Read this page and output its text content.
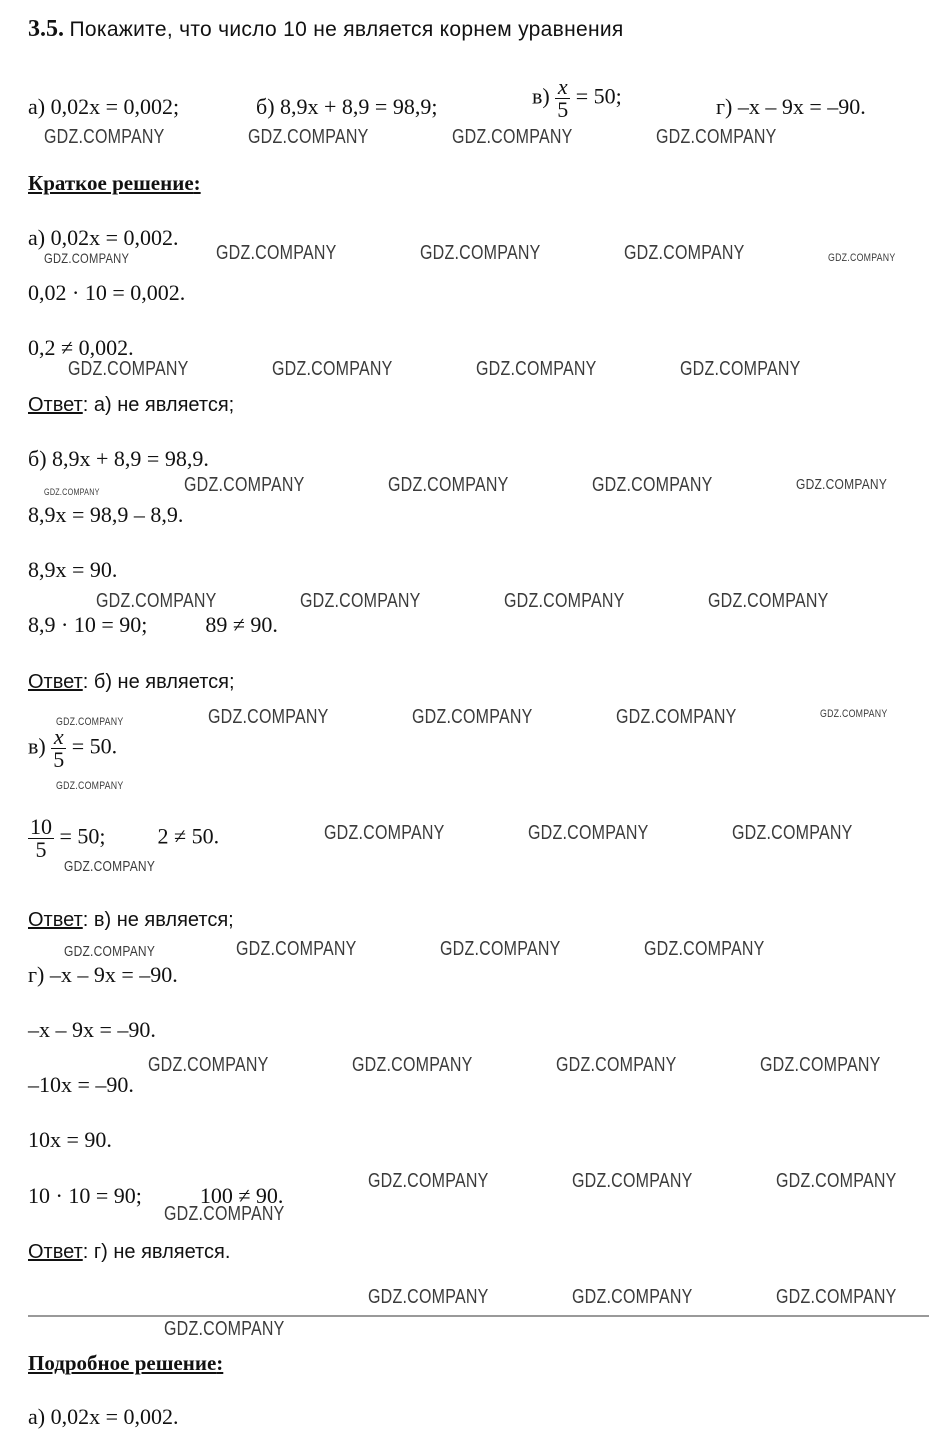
3.5. Покажите, что число 10 не является корнем уравнения
а) 0,02x = 0,002;	б) 8,9x + 8,9 = 98,9;	$в) \frac{x}{5} = 50$;	г) –x – 9x = –90.
Краткое решение:
а) 0,02x = 0,002.
0,02 · 10 = 0,002.
0,2 ≠ 0,002.
Ответ: а) не является;
б) 8,9x + 8,9 = 98,9.
8,9x = 98,9 – 8,9.
8,9x = 90.
8,9 · 10 = 90;	89 ≠ 90.
Ответ: б) не является;
$в) \frac{x}{5} = 50$.
$\frac{10}{5} = 50$; 2 ≠ 50.
Ответ: в) не является;
г) –x – 9x = –90.
–x – 9x = –90.
–10x = –90.
10x = 90.
10 · 10 = 90;	100 ≠ 90.
Ответ: г) не является.
Подробное решение:
а) 0,02x = 0,002.
GDZ.COMPANY	GDZ.COMPANY	GDZ.COMPANY	GDZ.COMPANY
GDZ.COMPANY	GDZ.COMPANY	GDZ.COMPANY	GDZ.COMPANY	GDZ.COMPANY
GDZ.COMPANY	GDZ.COMPANY	GDZ.COMPANY	GDZ.COMPANY
GDZ.COMPANY	GDZ.COMPANY	GDZ.COMPANY	GDZ.COMPANY	GDZ.COMPANY
GDZ.COMPANY	GDZ.COMPANY	GDZ.COMPANY	GDZ.COMPANY
GDZ.COMPANY	GDZ.COMPANY	GDZ.COMPANY	GDZ.COMPANY	GDZ.COMPANY
GDZ.COMPANY
GDZ.COMPANY	GDZ.COMPANY	GDZ.COMPANY
GDZ.COMPANY
GDZ.COMPANY	GDZ.COMPANY	GDZ.COMPANY	GDZ.COMPANY
GDZ.COMPANY	GDZ.COMPANY	GDZ.COMPANY	GDZ.COMPANY
GDZ.COMPANY	GDZ.COMPANY	GDZ.COMPANY
GDZ.COMPANY
GDZ.COMPANY	GDZ.COMPANY	GDZ.COMPANY
GDZ.COMPANY
